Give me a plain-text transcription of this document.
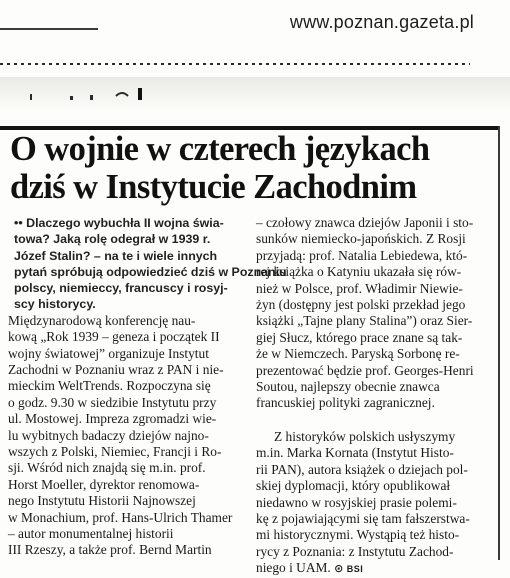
www.poznan.gazeta.pl
O wojnie w czterech językach
dziś w Instytucie Zachodnim
•• Dlaczego wybuchła II wojna świa-
towa? Jaką rolę odegrał w 1939 r.
Józef Stalin? – na te i wiele innych
pytań spróbują odpowiedzieć dziś w Poznaniu
polscy, niemieccy, francuscy i rosyj-
scy historycy.
Międzynarodową konferencję nau-
kową „Rok 1939 – geneza i początek II
wojny światowej” organizuje Instytut
Zachodni w Poznaniu wraz z PAN i nie-
mieckim WeltTrends. Rozpoczyna się
o godz. 9.30 w siedzibie Instytutu przy
ul. Mostowej. Impreza zgromadzi wie-
lu wybitnych badaczy dziejów najno-
wszych z Polski, Niemiec, Francji i Ro-
sji. Wśród nich znajdą się m.in. prof.
Horst Moeller, dyrektor renomowa-
nego Instytutu Historii Najnowszej
w Monachium, prof. Hans-Ulrich Thamer
– autor monumentalnej historii
III Rzeszy, a także prof. Bernd Martin
– czołowy znawca dziejów Japonii i sto-
sunków niemiecko-japońskich. Z Rosji
przyjadą: prof. Natalia Lebiedewa, któ-
rej książka o Katyniu ukazała się rów-
nież w Polsce, prof. Władimir Niewie-
żyn (dostępny jest polski przekład jego
książki „Tajne plany Stalina”) oraz Sier-
giej Słucz, którego prace znane są tak-
że w Niemczech. Paryską Sorbonę re-
prezentować będzie prof. Georges-Henri
Soutou, najlepszy obecnie znawca
francuskiej polityki zagranicznej.
Z historyków polskich usłyszymy
m.in. Marka Kornata (Instytut Histo-
rii PAN), autora książek o dziejach pol-
skiej dyplomacji, który opublikował
niedawno w rosyjskiej prasie polemi-
kę z pojawiającymi się tam fałszerstwa-
mi historycznymi. Wystąpią też histo-
rycy z Poznania: z Instytutu Zachod-
niego i UAM. ⊙ BSI
